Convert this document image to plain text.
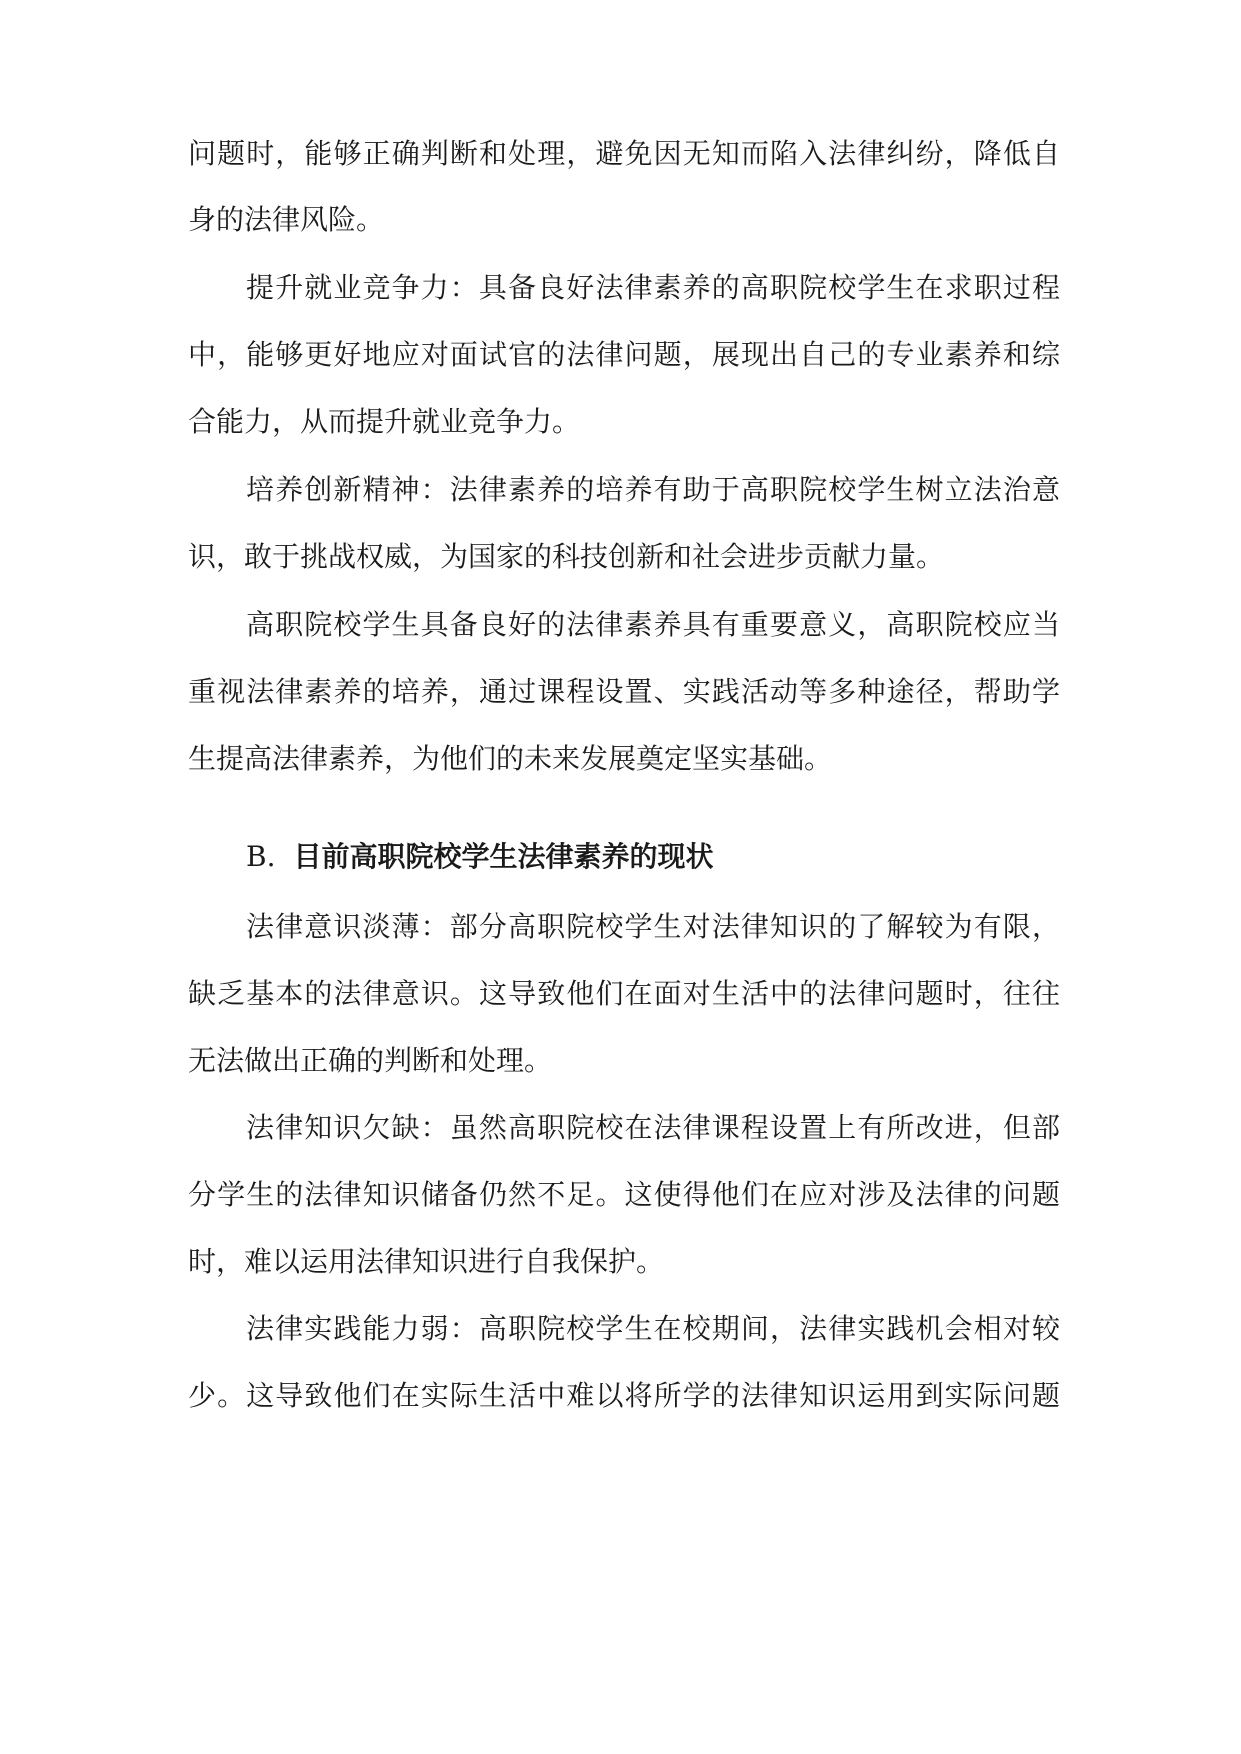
问题时，能够正确判断和处理，避免因无知而陷入法律纠纷，降低自
身的法律风险。
提升就业竞争力：具备良好法律素养的高职院校学生在求职过程
中，能够更好地应对面试官的法律问题，展现出自己的专业素养和综
合能力，从而提升就业竞争力。
培养创新精神：法律素养的培养有助于高职院校学生树立法治意
识，敢于挑战权威，为国家的科技创新和社会进步贡献力量。
高职院校学生具备良好的法律素养具有重要意义，高职院校应当
重视法律素养的培养，通过课程设置、实践活动等多种途径，帮助学
生提高法律素养，为他们的未来发展奠定坚实基础。
B. 目前高职院校学生法律素养的现状
法律意识淡薄：部分高职院校学生对法律知识的了解较为有限，
缺乏基本的法律意识。这导致他们在面对生活中的法律问题时，往往
无法做出正确的判断和处理。
法律知识欠缺：虽然高职院校在法律课程设置上有所改进，但部
分学生的法律知识储备仍然不足。这使得他们在应对涉及法律的问题
时，难以运用法律知识进行自我保护。
法律实践能力弱：高职院校学生在校期间，法律实践机会相对较
少。这导致他们在实际生活中难以将所学的法律知识运用到实际问题
